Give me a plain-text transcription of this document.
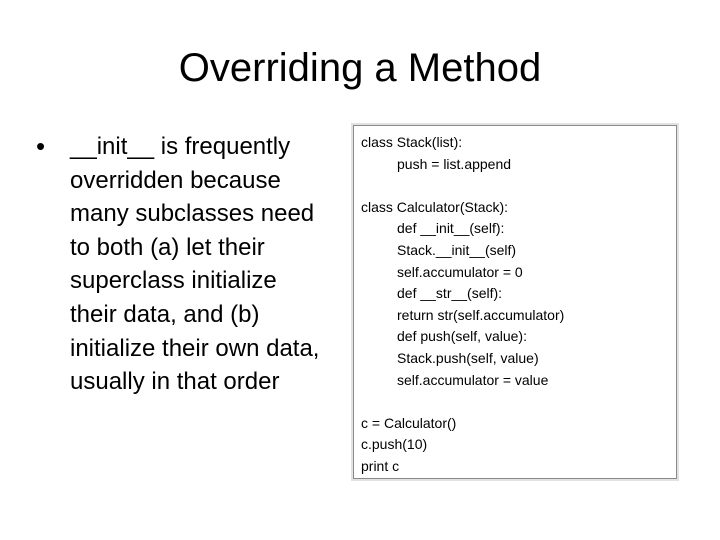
Overriding a Method
• __init__ is frequently
overridden because
many subclasses need
to both (a) let their
superclass initialize
their data, and (b)
initialize their own data,
usually in that order

class Stack(list):
push = list.append
class Calculator(Stack):
def __init__(self):
Stack.__init__(self)
self.accumulator = 0
def __str__(self):
return str(self.accumulator)
def push(self, value):
Stack.push(self, value)
self.accumulator = value
c = Calculator()
c.push(10)
print c
